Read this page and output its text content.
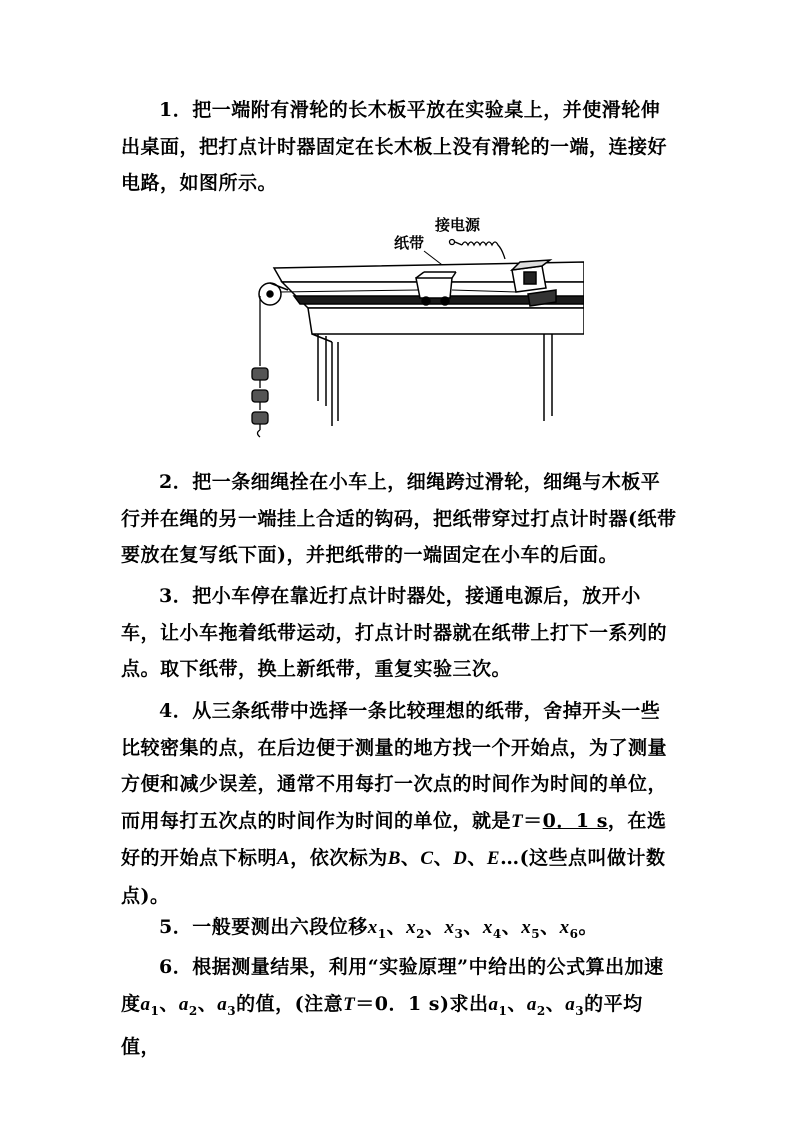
1．把一端附有滑轮的长木板平放在实验桌上，并使滑轮伸出桌面，把打点计时器固定在长木板上没有滑轮的一端，连接好电路，如图所示。

接电源
纸带

2．把一条细绳拴在小车上，细绳跨过滑轮，细绳与木板平行并在绳的另一端挂上合适的钩码，把纸带穿过打点计时器(纸带要放在复写纸下面)，并把纸带的一端固定在小车的后面。

3．把小车停在靠近打点计时器处，接通电源后，放开小车，让小车拖着纸带运动，打点计时器就在纸带上打下一系列的点。取下纸带，换上新纸带，重复实验三次。

4．从三条纸带中选择一条比较理想的纸带，舍掉开头一些比较密集的点，在后边便于测量的地方找一个开始点，为了测量方便和减少误差，通常不用每打一次点的时间作为时间的单位，而用每打五次点的时间作为时间的单位，就是T＝0．1 s，在选好的开始点下标明A，依次标为B、C、D、E…(这些点叫做计数点)。

5．一般要测出六段位移$x_1$、$x_2$、$x_3$、$x_4$、$x_5$、$x_6$。

6．根据测量结果，利用“实验原理”中给出的公式算出加速度$a_1$、$a_2$、$a_3$的值，(注意T＝0．1 s)求出$a_1$、$a_2$、$a_3$的平均值，
